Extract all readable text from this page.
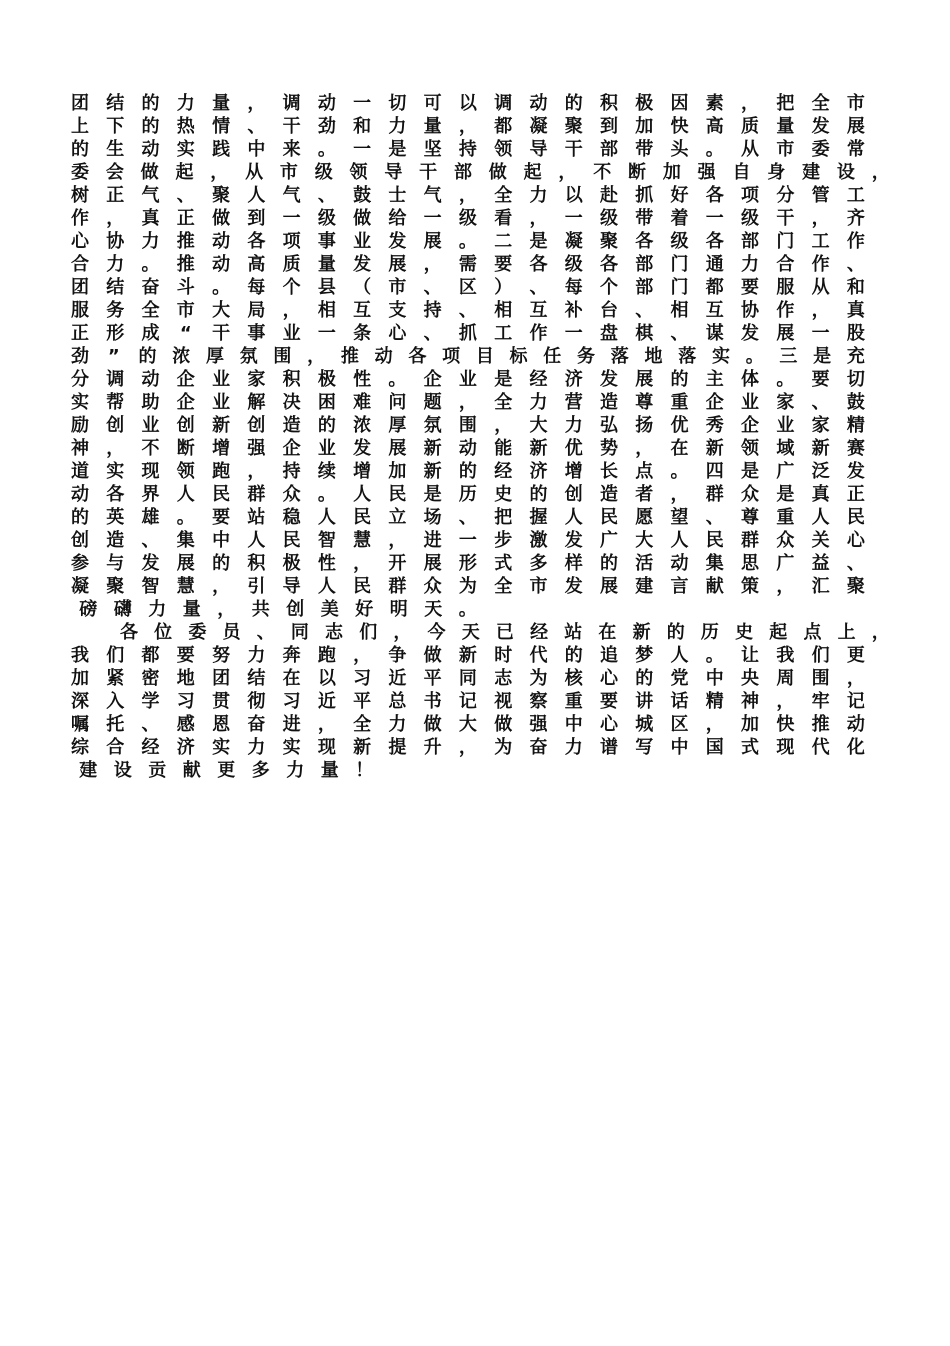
团 结 的 力 量 ， 调 动 一 切 可 以 调 动 的 积 极 因 素 ， 把 全 市
上 下 的 热 情 、 干 劲 和 力 量 ， 都 凝 聚 到 加 快 高 质 量 发 展
的 生 动 实 践 中 来 。 一 是 坚 持 领 导 干 部 带 头 。 从 市 委 常
委 会 做 起 ， 从 市 级 领 导 干 部 做 起 ， 不 断 加 强 自 身 建 设 ，
树 正 气 、 聚 人 气 、 鼓 士 气 ， 全 力 以 赴 抓 好 各 项 分 管 工
作 ， 真 正 做 到 一 级 做 给 一 级 看 ， 一 级 带 着 一 级 干 ， 齐
心 协 力 推 动 各 项 事 业 发 展 。 二 是 凝 聚 各 级 各 部 门 工 作
合 力 。 推 动 高 质 量 发 展 ， 需 要 各 级 各 部 门 通 力 合 作 、
团 结 奋 斗 。 每 个 县 （ 市 、 区 ） 、 每 个 部 门 都 要 服 从 和
服 务 全 市 大 局 ， 相 互 支 持 、 相 互 补 台 、 相 互 协 作 ， 真
正 形 成 “ 干 事 业 一 条 心 、 抓 工 作 一 盘 棋 、 谋 发 展 一 股
劲 ” 的 浓 厚 氛 围 ， 推 动 各 项 目 标 任 务 落 地 落 实 。 三 是 充
分 调 动 企 业 家 积 极 性 。 企 业 是 经 济 发 展 的 主 体 。 要 切
实 帮 助 企 业 解 决 困 难 问 题 ， 全 力 营 造 尊 重 企 业 家 、 鼓
励 创 业 创 新 创 造 的 浓 厚 氛 围 ， 大 力 弘 扬 优 秀 企 业 家 精
神 ， 不 断 增 强 企 业 发 展 新 动 能 新 优 势 ， 在 新 领 域 新 赛
道 实 现 领 跑 ， 持 续 增 加 新 的 经 济 增 长 点 。 四 是 广 泛 发
动 各 界 人 民 群 众 。 人 民 是 历 史 的 创 造 者 ， 群 众 是 真 正
的 英 雄 。 要 站 稳 人 民 立 场 、 把 握 人 民 愿 望 、 尊 重 人 民
创 造 、 集 中 人 民 智 慧 ， 进 一 步 激 发 广 大 人 民 群 众 关 心
参 与 发 展 的 积 极 性 ， 开 展 形 式 多 样 的 活 动 集 思 广 益 、
凝 聚 智 慧 ， 引 导 人 民 群 众 为 全 市 发 展 建 言 献 策 ， 汇 聚
磅 礴 力 量 ， 共 创 美 好 明 天 。
各 位 委 员 、 同 志 们 ， 今 天 已 经 站 在 新 的 历 史 起 点 上 ，
我 们 都 要 努 力 奔 跑 ， 争 做 新 时 代 的 追 梦 人 。 让 我 们 更
加 紧 密 地 团 结 在 以 习 近 平 同 志 为 核 心 的 党 中 央 周 围 ，
深 入 学 习 贯 彻 习 近 平 总 书 记 视 察 重 要 讲 话 精 神 ， 牢 记
嘱 托 、 感 恩 奋 进 ， 全 力 做 大 做 强 中 心 城 区 ， 加 快 推 动
综 合 经 济 实 力 实 现 新 提 升 ， 为 奋 力 谱 写 中 国 式 现 代 化
建 设 贡 献 更 多 力 量 ！
